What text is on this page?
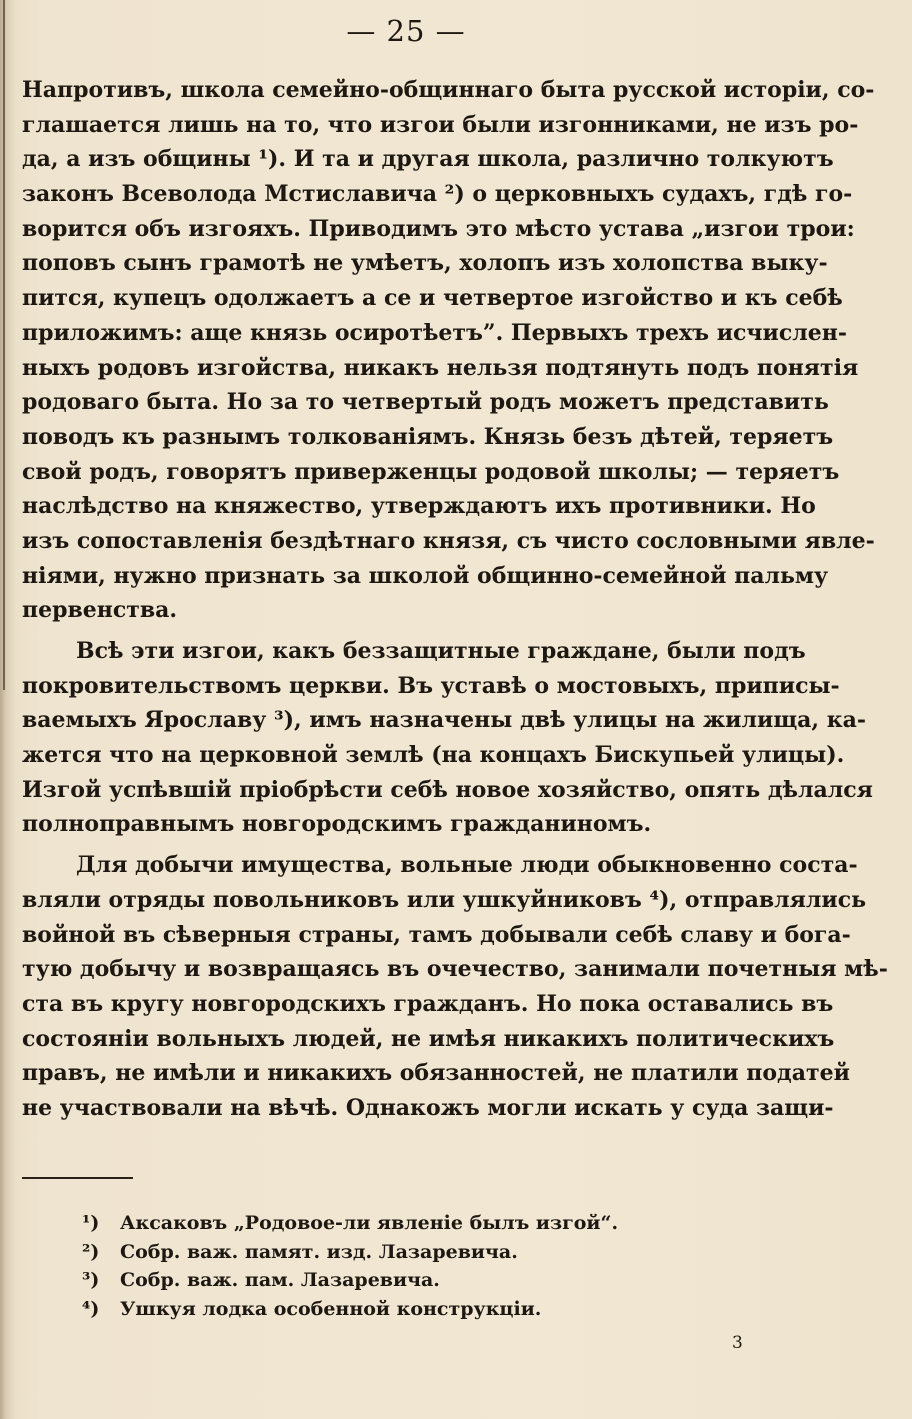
— 25 —
Напротивъ, школа семейно-общиннаго быта русской исторіи, со-
глашается лишь на то, что изгои были изгонниками, не изъ ро-
да, а изъ общины ¹). И та и другая школа, различно толкуютъ
законъ Всеволода Мстиславича ²) о церковныхъ судахъ, гдѣ го-
ворится объ изгояхъ. Приводимъ это мѣсто устава „изгои трои:
поповъ сынъ грамотѣ не умѣетъ, холопъ изъ холопства выку-
пится, купецъ одолжаетъ а се и четвертое изгойство и къ себѣ
приложимъ: аще князь осиротѣетъ”. Первыхъ трехъ исчислен-
ныхъ родовъ изгойства, никакъ нельзя подтянуть подъ понятія
родоваго быта. Но за то четвертый родъ можетъ представить
поводъ къ разнымъ толкованіямъ. Князь безъ дѣтей, теряетъ
свой родъ, говорятъ приверженцы родовой школы; — теряетъ
наслѣдство на княжество, утверждаютъ ихъ противники. Но
изъ сопоставленія бездѣтнаго князя, съ чисто сословными явле-
ніями, нужно признать за школой общинно-семейной пальму
первенства.
Всѣ эти изгои, какъ беззащитные граждане, были подъ
покровительствомъ церкви. Въ уставѣ о мостовыхъ, приписы-
ваемыхъ Ярославу ³), имъ назначены двѣ улицы на жилища, ка-
жется что на церковной землѣ (на концахъ Бискупьей улицы).
Изгой успѣвшій пріобрѣсти себѣ новое хозяйство, опять дѣлался
полноправнымъ новгородскимъ гражданиномъ.
Для добычи имущества, вольные люди обыкновенно соста-
вляли отряды повольниковъ или ушкуйниковъ ⁴), отправлялись
войной въ сѣверныя страны, тамъ добывали себѣ славу и бога-
тую добычу и возвращаясь въ очечество, занимали почетныя мѣ-
ста въ кругу новгородскихъ гражданъ. Но пока оставались въ
состояніи вольныхъ людей, не имѣя никакихъ политическихъ
правъ, не имѣли и никакихъ обязанностей, не платили податей
не участвовали на вѣчѣ. Однакожъ могли искать у суда защи-
¹) Аксаковъ „Родовое-ли явленіе былъ изгой“.
²) Собр. важ. памят. изд. Лазаревича.
³) Собр. важ. пам. Лазаревича.
⁴) Ушкуя лодка особенной конструкціи.
3
